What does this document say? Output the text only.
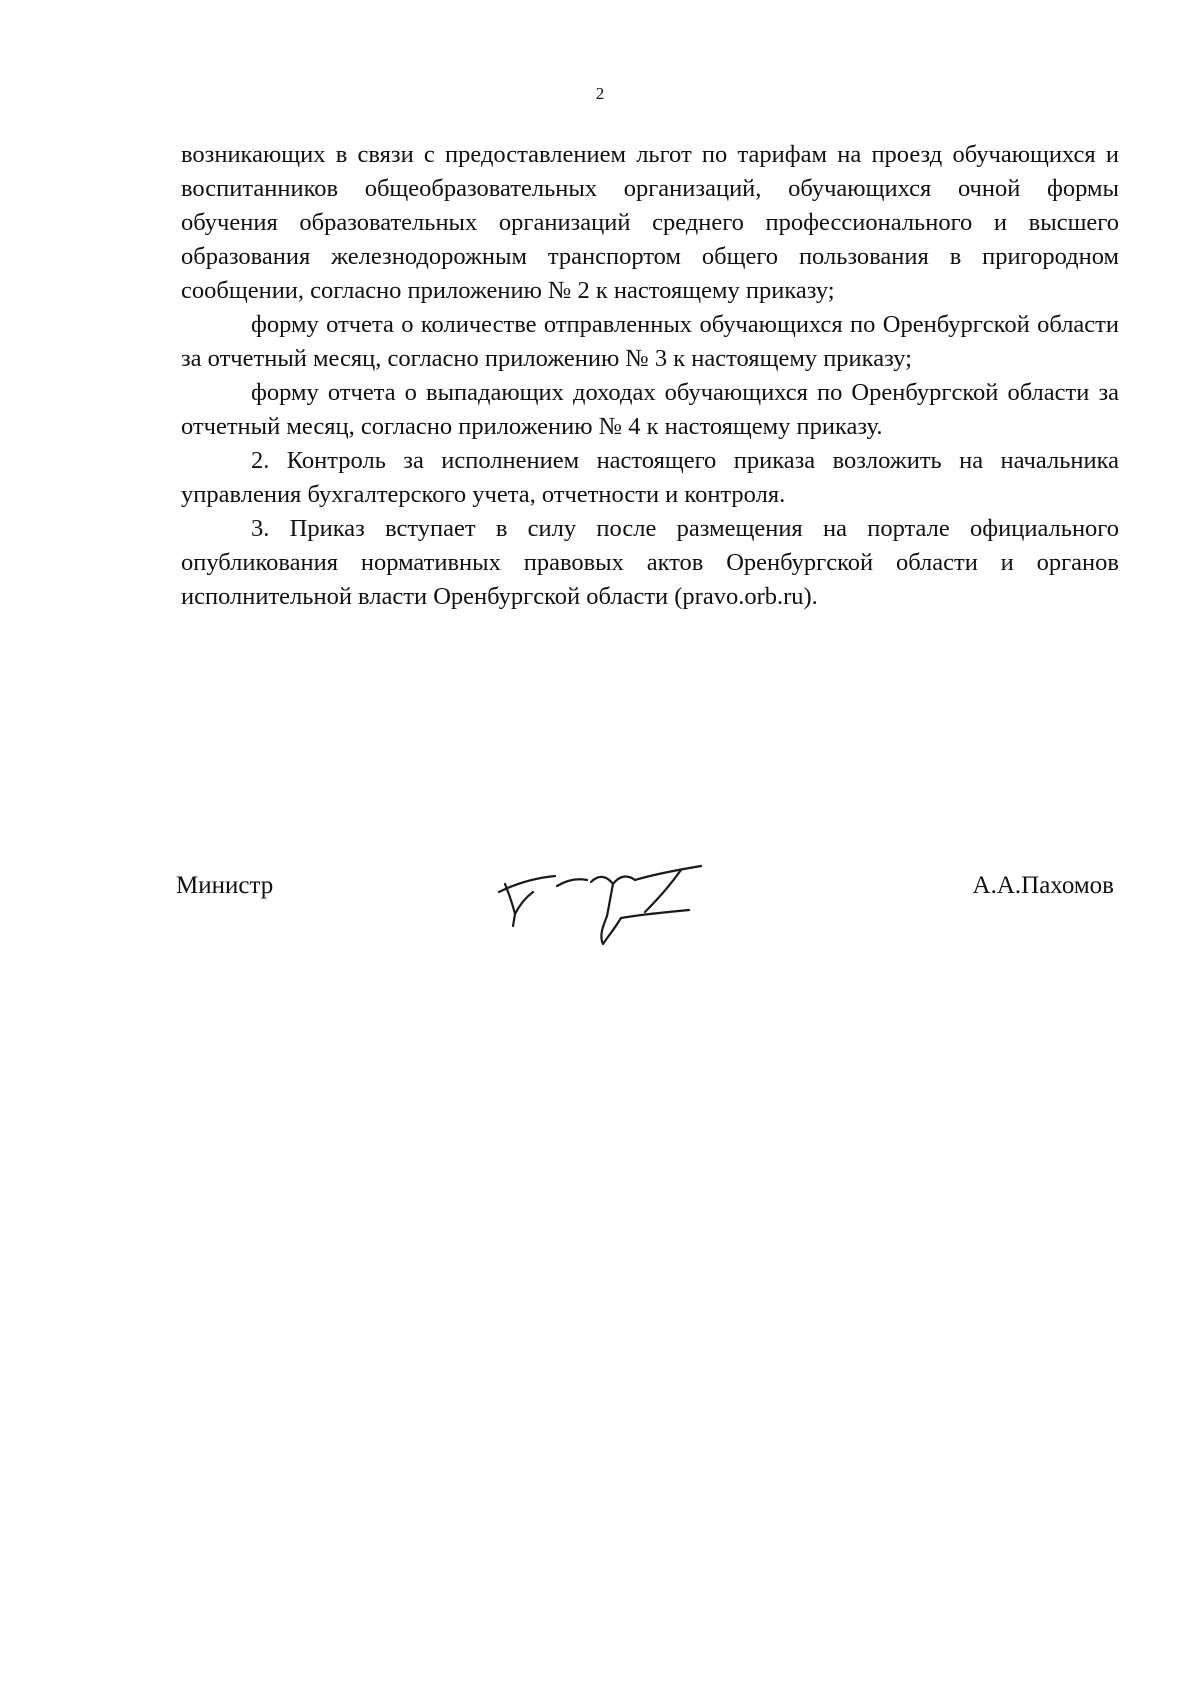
2

возникающих в связи с предоставлением льгот по тарифам на проезд обучающихся и воспитанников общеобразовательных организаций, обучающихся очной формы обучения образовательных организаций среднего профессионального и высшего образования железнодорожным транспортом общего пользования в пригородном сообщении, согласно приложению № 2 к настоящему приказу;

форму отчета о количестве отправленных обучающихся по Оренбургской области за отчетный месяц, согласно приложению № 3 к настоящему приказу;

форму отчета о выпадающих доходах обучающихся по Оренбургской области за отчетный месяц, согласно приложению № 4 к настоящему приказу.

2. Контроль за исполнением настоящего приказа возложить на начальника управления бухгалтерского учета, отчетности и контроля.

3. Приказ вступает в силу после размещения на портале официального опубликования нормативных правовых актов Оренбургской области и органов исполнительной власти Оренбургской области (pravo.orb.ru).

Министр	А.А.Пахомов
